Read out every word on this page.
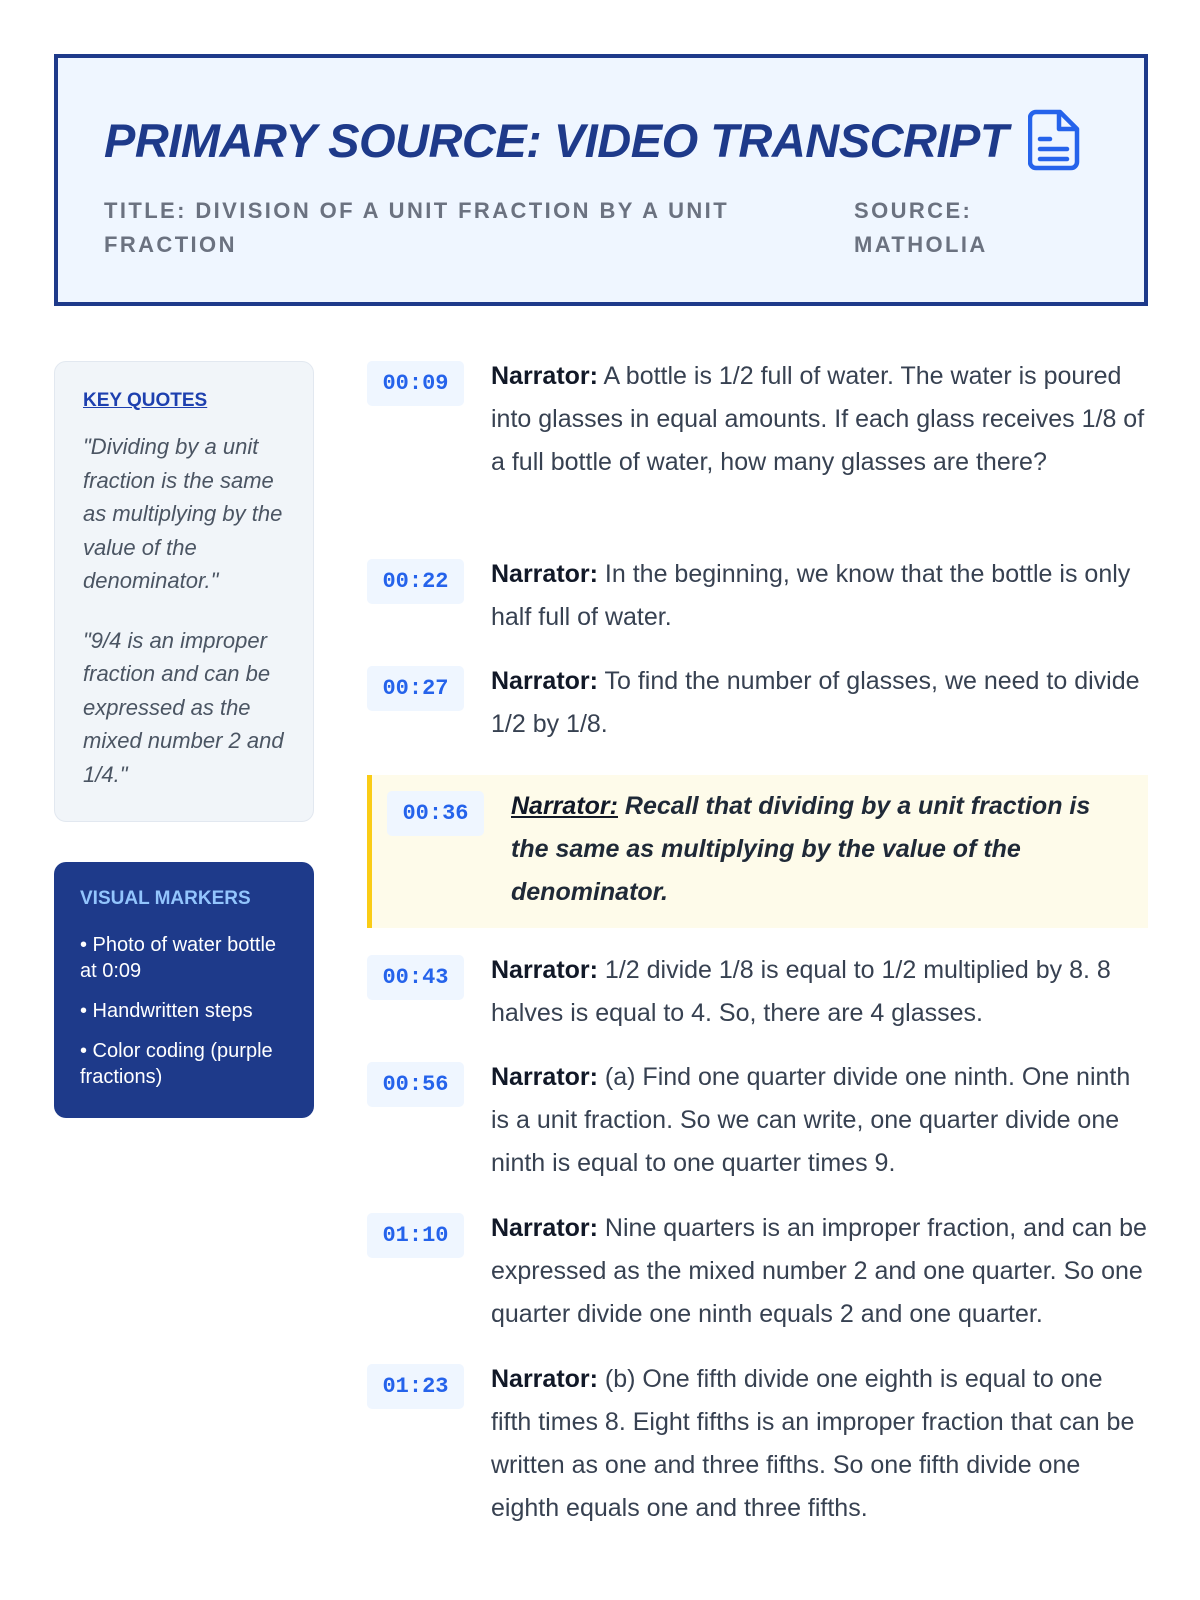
PRIMARY SOURCE: VIDEO TRANSCRIPT
TITLE: DIVISION OF A UNIT FRACTION BY A UNIT FRACTION
SOURCE: MATHOLIA
KEY QUOTES

"Dividing by a unit fraction is the same as multiplying by the value of the denominator."

"9/4 is an improper fraction and can be expressed as the mixed number 2 and 1/4."

VISUAL MARKERS
• Photo of water bottle at 0:09
• Handwritten steps
• Color coding (purple fractions)
00:09	Narrator: A bottle is 1/2 full of water. The water is poured into glasses in equal amounts. If each glass receives 1/8 of a full bottle of water, how many glasses are there?

00:22	Narrator: In the beginning, we know that the bottle is only half full of water.

00:27	Narrator: To find the number of glasses, we need to divide 1/2 by 1/8.

00:36	Narrator: Recall that dividing by a unit fraction is the same as multiplying by the value of the denominator.

00:43	Narrator: 1/2 divide 1/8 is equal to 1/2 multiplied by 8. 8 halves is equal to 4. So, there are 4 glasses.

00:56	Narrator: (a) Find one quarter divide one ninth. One ninth is a unit fraction. So we can write, one quarter divide one ninth is equal to one quarter times 9.

01:10	Narrator: Nine quarters is an improper fraction, and can be expressed as the mixed number 2 and one quarter. So one quarter divide one ninth equals 2 and one quarter.

01:23	Narrator: (b) One fifth divide one eighth is equal to one fifth times 8. Eight fifths is an improper fraction that can be written as one and three fifths. So one fifth divide one eighth equals one and three fifths.
